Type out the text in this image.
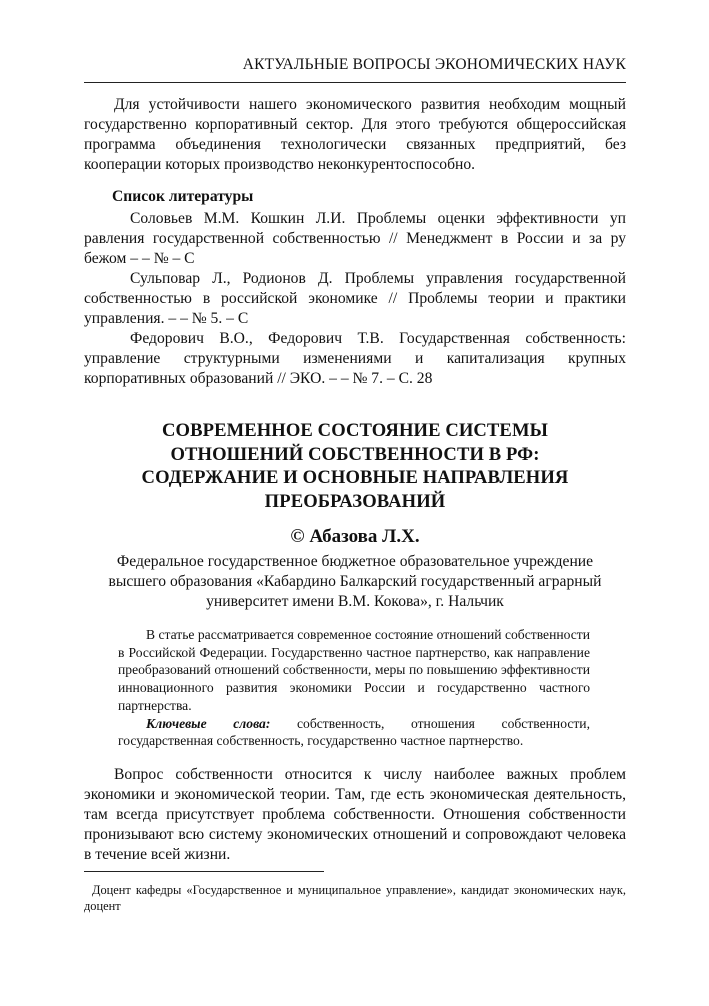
АКТУАЛЬНЫЕ ВОПРОСЫ ЭКОНОМИЧЕСКИХ НАУК

Для устойчивости нашего экономического развития необходим мощный государственно корпоративный сектор. Для этого требуются общероссийская программа объединения технологически связанных предприятий, без кооперации которых производство неконкурентоспособно.

Список литературы

Соловьев М.М. Кошкин Л.И. Проблемы оценки эффективности уп равления государственной собственностью // Менеджмент в России и за ру бежом – – № – С

Сульповар Л., Родионов Д. Проблемы управления государственной собственностью в российской экономике // Проблемы теории и практики управления. – – № 5. – С

Федорович В.О., Федорович Т.В. Государственная собственность: управление структурными изменениями и капитализация крупных корпоративных образований // ЭКО. – – № 7. – С. 28

СОВРЕМЕННОЕ СОСТОЯНИЕ СИСТЕМЫ
ОТНОШЕНИЙ СОБСТВЕННОСТИ В РФ:
СОДЕРЖАНИЕ И ОСНОВНЫЕ НАПРАВЛЕНИЯ
ПРЕОБРАЗОВАНИЙ
© Абазова Л.Х.
Федеральное государственное бюджетное образовательное учреждение
высшего образования «Кабардино Балкарский государственный аграрный
университет имени В.М. Кокова», г. Нальчик

В статье рассматривается современное состояние отношений собственности в Российской Федерации. Государственно частное партнерство, как направление преобразований отношений собственности, меры по повышению эффективности инновационного развития экономики России и государственно частного партнерства.

Ключевые слова: собственность, отношения собственности, государственная собственность, государственно частное партнерство.

Вопрос собственности относится к числу наиболее важных проблем экономики и экономической теории. Там, где есть экономическая деятельность, там всегда присутствует проблема собственности. Отношения собственности пронизывают всю систему экономических отношений и сопровождают человека в течение всей жизни.

Доцент кафедры «Государственное и муниципальное управление», кандидат экономических наук, доцент
